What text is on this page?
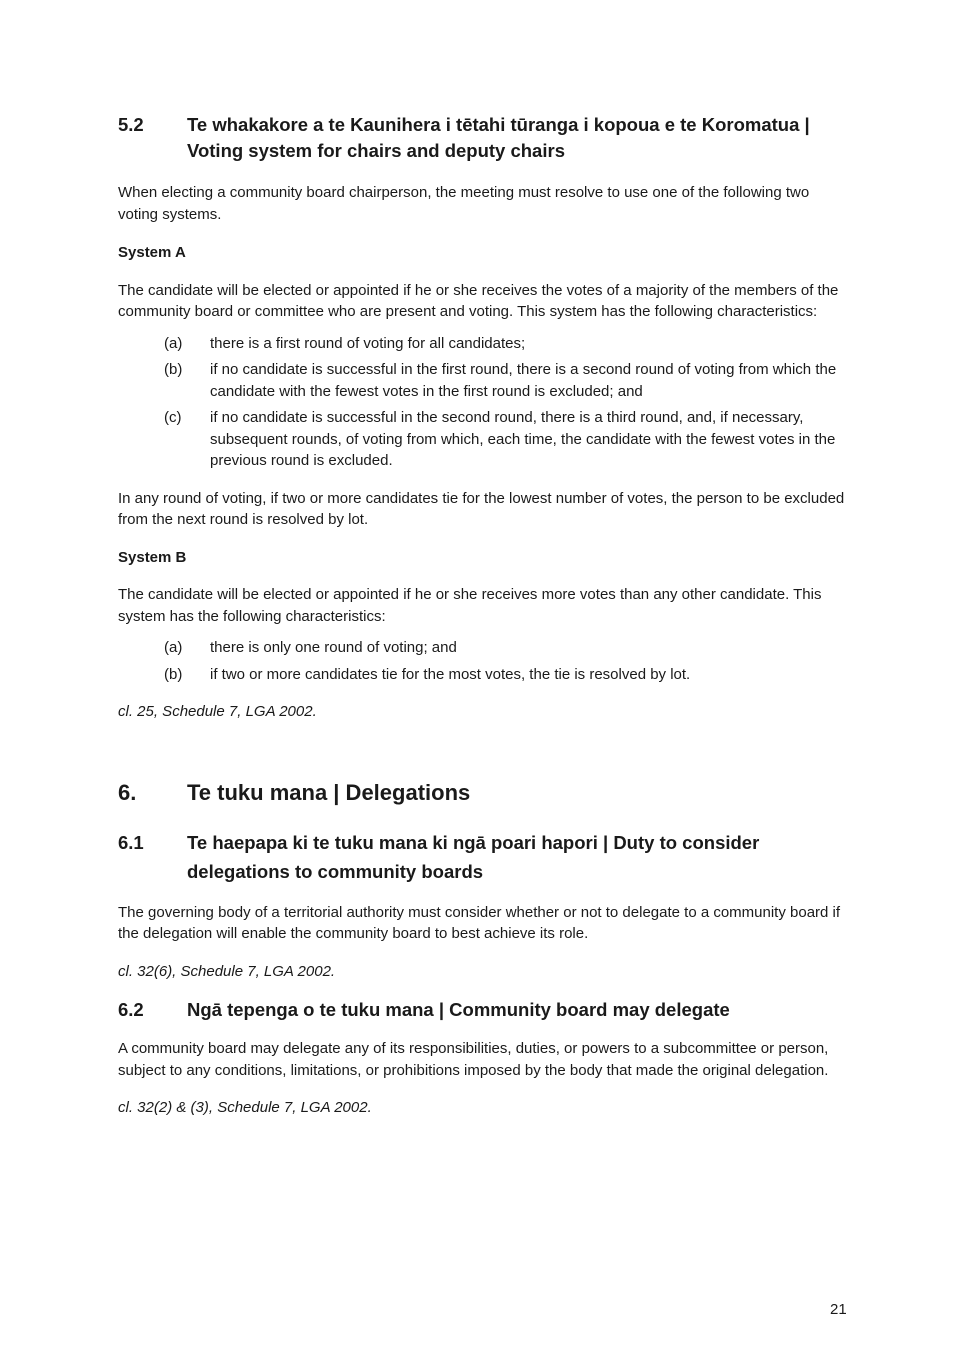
5.2	Te whakakore a te Kaunihera i tētahi tūranga i kopoua e te Koromatua | Voting system for chairs and deputy chairs

When electing a community board chairperson, the meeting must resolve to use one of the following two voting systems.

System A

The candidate will be elected or appointed if he or she receives the votes of a majority of the members of the community board or committee who are present and voting. This system has the following characteristics:

(a)	there is a first round of voting for all candidates;
(b)	if no candidate is successful in the first round, there is a second round of voting from which the candidate with the fewest votes in the first round is excluded; and
(c)	if no candidate is successful in the second round, there is a third round, and, if necessary, subsequent rounds, of voting from which, each time, the candidate with the fewest votes in the previous round is excluded.

In any round of voting, if two or more candidates tie for the lowest number of votes, the person to be excluded from the next round is resolved by lot.

System B

The candidate will be elected or appointed if he or she receives more votes than any other candidate. This system has the following characteristics:

(a)	there is only one round of voting; and
(b)	if two or more candidates tie for the most votes, the tie is resolved by lot.

cl. 25, Schedule 7, LGA 2002.

6.	Te tuku mana | Delegations
6.1	Te haepapa ki te tuku mana ki ngā poari hapori | Duty to consider delegations to community boards

The governing body of a territorial authority must consider whether or not to delegate to a community board if the delegation will enable the community board to best achieve its role.

cl. 32(6), Schedule 7, LGA 2002.

6.2	Ngā tepenga o te tuku mana | Community board may delegate

A community board may delegate any of its responsibilities, duties, or powers to a subcommittee or person, subject to any conditions, limitations, or prohibitions imposed by the body that made the original delegation.

cl. 32(2) & (3), Schedule 7, LGA 2002.

21
